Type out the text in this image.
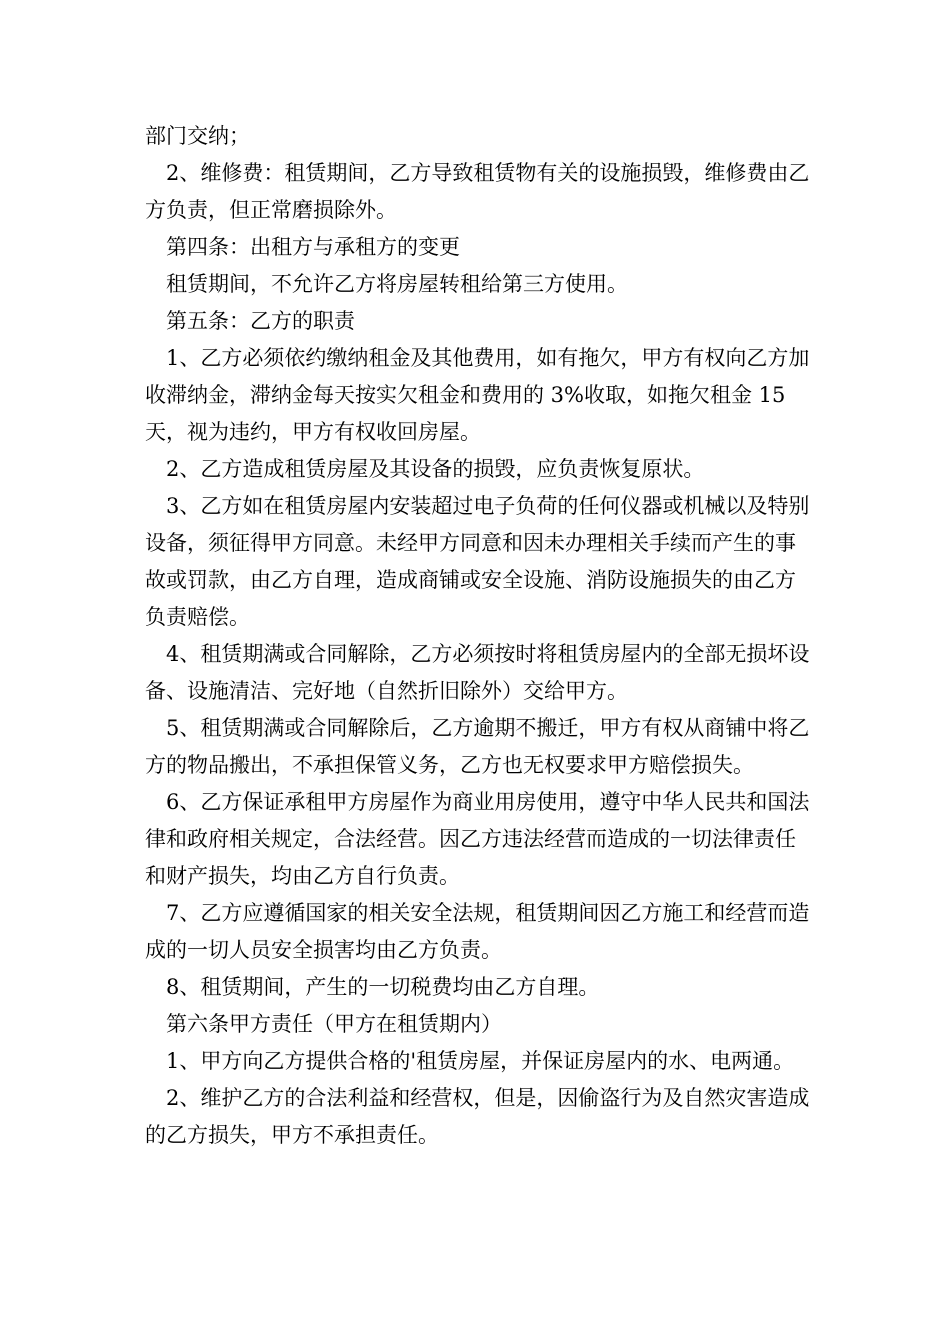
部门交纳；

2、维修费：租赁期间，乙方导致租赁物有关的设施损毁，维修费由乙方负责，但正常磨损除外。

第四条：出租方与承租方的变更

租赁期间，不允许乙方将房屋转租给第三方使用。

第五条：乙方的职责

1、乙方必须依约缴纳租金及其他费用，如有拖欠，甲方有权向乙方加收滞纳金，滞纳金每天按实欠租金和费用的 3%收取，如拖欠租金 15 天，视为违约，甲方有权收回房屋。

2、乙方造成租赁房屋及其设备的损毁，应负责恢复原状。

3、乙方如在租赁房屋内安装超过电子负荷的任何仪器或机械以及特别设备，须征得甲方同意。未经甲方同意和因未办理相关手续而产生的事故或罚款，由乙方自理，造成商铺或安全设施、消防设施损失的由乙方负责赔偿。

4、租赁期满或合同解除，乙方必须按时将租赁房屋内的全部无损坏设备、设施清洁、完好地（自然折旧除外）交给甲方。

5、租赁期满或合同解除后，乙方逾期不搬迁，甲方有权从商铺中将乙方的物品搬出，不承担保管义务，乙方也无权要求甲方赔偿损失。

6、乙方保证承租甲方房屋作为商业用房使用，遵守中华人民共和国法律和政府相关规定，合法经营。因乙方违法经营而造成的一切法律责任和财产损失，均由乙方自行负责。

7、乙方应遵循国家的相关安全法规，租赁期间因乙方施工和经营而造成的一切人员安全损害均由乙方负责。

8、租赁期间，产生的一切税费均由乙方自理。

第六条甲方责任（甲方在租赁期内）

1、甲方向乙方提供合格的'租赁房屋，并保证房屋内的水、电两通。

2、维护乙方的合法利益和经营权，但是，因偷盗行为及自然灾害造成的乙方损失，甲方不承担责任。
